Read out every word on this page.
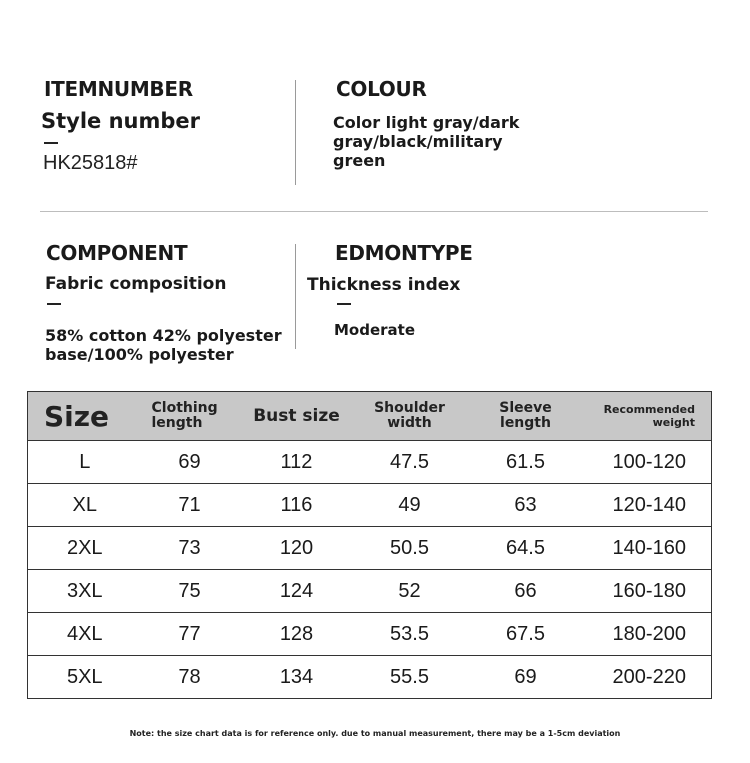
ITEMNUMBER
Style number
HK25818#
COLOUR
Color light gray/dark gray/black/military green
COMPONENT
Fabric composition
58% cotton 42% polyester
base/100% polyester
EDMONTYPE
Thickness index
Moderate
Size	Clothing length	Bust size	Shoulder width	Sleeve length	Recommended weight

L	69	112	47.5	61.5	100-120
XL	71	116	49	63	120-140
2XL	73	120	50.5	64.5	140-160
3XL	75	124	52	66	160-180
4XL	77	128	53.5	67.5	180-200
5XL	78	134	55.5	69	200-220
Note: the size chart data is for reference only. due to manual measurement, there may be a 1-5cm deviation
